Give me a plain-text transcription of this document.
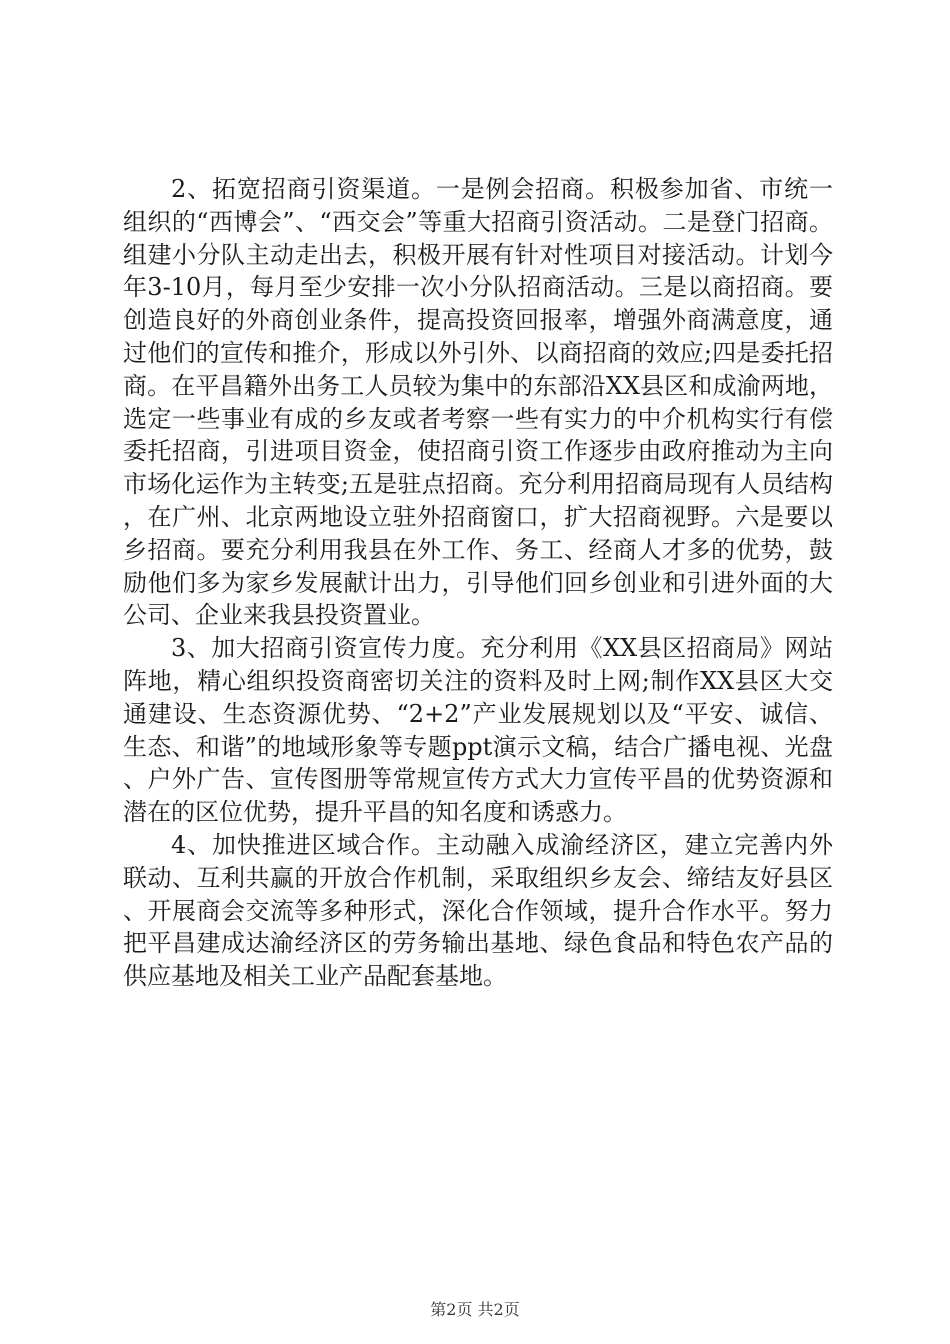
2、拓宽招商引资渠道。一是例会招商。积极参加省、市统一组织的“西博会”、“西交会”等重大招商引资活动。二是登门招商。组建小分队主动走出去，积极开展有针对性项目对接活动。计划今年3-10月，每月至少安排一次小分队招商活动。三是以商招商。要创造良好的外商创业条件，提高投资回报率，增强外商满意度，通过他们的宣传和推介，形成以外引外、以商招商的效应;四是委托招商。在平昌籍外出务工人员较为集中的东部沿XX县区和成渝两地，选定一些事业有成的乡友或者考察一些有实力的中介机构实行有偿委托招商，引进项目资金，使招商引资工作逐步由政府推动为主向市场化运作为主转变;五是驻点招商。充分利用招商局现有人员结构，在广州、北京两地设立驻外招商窗口，扩大招商视野。六是要以乡招商。要充分利用我县在外工作、务工、经商人才多的优势，鼓励他们多为家乡发展献计出力，引导他们回乡创业和引进外面的大公司、企业来我县投资置业。

3、加大招商引资宣传力度。充分利用《XX县区招商局》网站阵地，精心组织投资商密切关注的资料及时上网;制作XX县区大交通建设、生态资源优势、“2+2”产业发展规划以及“平安、诚信、生态、和谐”的地域形象等专题ppt演示文稿，结合广播电视、光盘、户外广告、宣传图册等常规宣传方式大力宣传平昌的优势资源和潜在的区位优势，提升平昌的知名度和诱惑力。

4、加快推进区域合作。主动融入成渝经济区，建立完善内外联动、互利共赢的开放合作机制，采取组织乡友会、缔结友好县区、开展商会交流等多种形式，深化合作领域，提升合作水平。努力把平昌建成达渝经济区的劳务输出基地、绿色食品和特色农产品的供应基地及相关工业产品配套基地。

第2页 共2页
